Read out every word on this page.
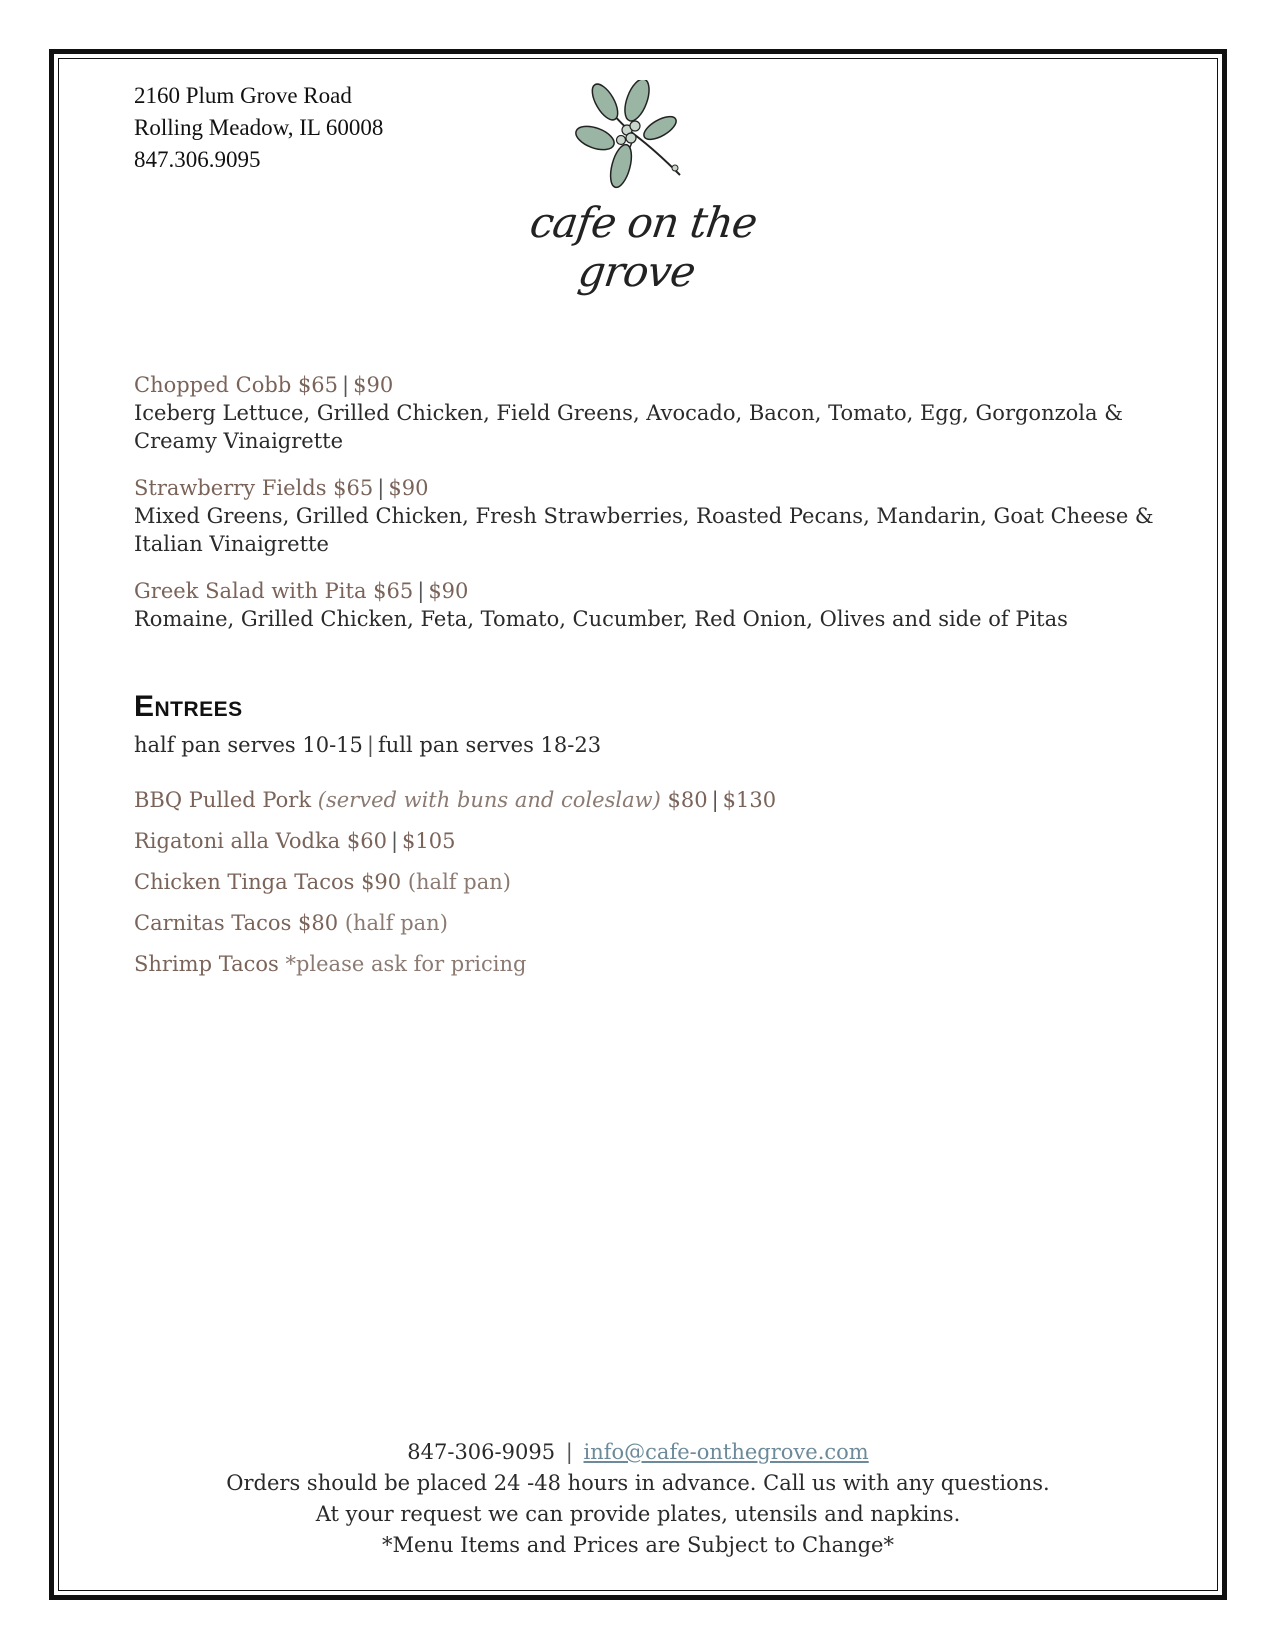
2160 Plum Grove Road
Rolling Meadow, IL 60008
847.306.9095
cafe on the grove
Chopped Cobb $65 | $90
Iceberg Lettuce, Grilled Chicken, Field Greens, Avocado, Bacon, Tomato, Egg, Gorgonzola & Creamy Vinaigrette
Strawberry Fields $65 | $90
Mixed Greens, Grilled Chicken, Fresh Strawberries, Roasted Pecans, Mandarin, Goat Cheese & Italian Vinaigrette
Greek Salad with Pita $65 | $90
Romaine, Grilled Chicken, Feta, Tomato, Cucumber, Red Onion, Olives and side of Pitas
Entrees
half pan serves 10-15 | full pan serves 18-23
BBQ Pulled Pork (served with buns and coleslaw) $80 | $130
Rigatoni alla Vodka $60 | $105
Chicken Tinga Tacos $90 (half pan)
Carnitas Tacos $80 (half pan)
Shrimp Tacos *please ask for pricing
847-306-9095 | info@cafe-onthegrove.com
Orders should be placed 24 -48 hours in advance. Call us with any questions.
At your request we can provide plates, utensils and napkins.
*Menu Items and Prices are Subject to Change*
